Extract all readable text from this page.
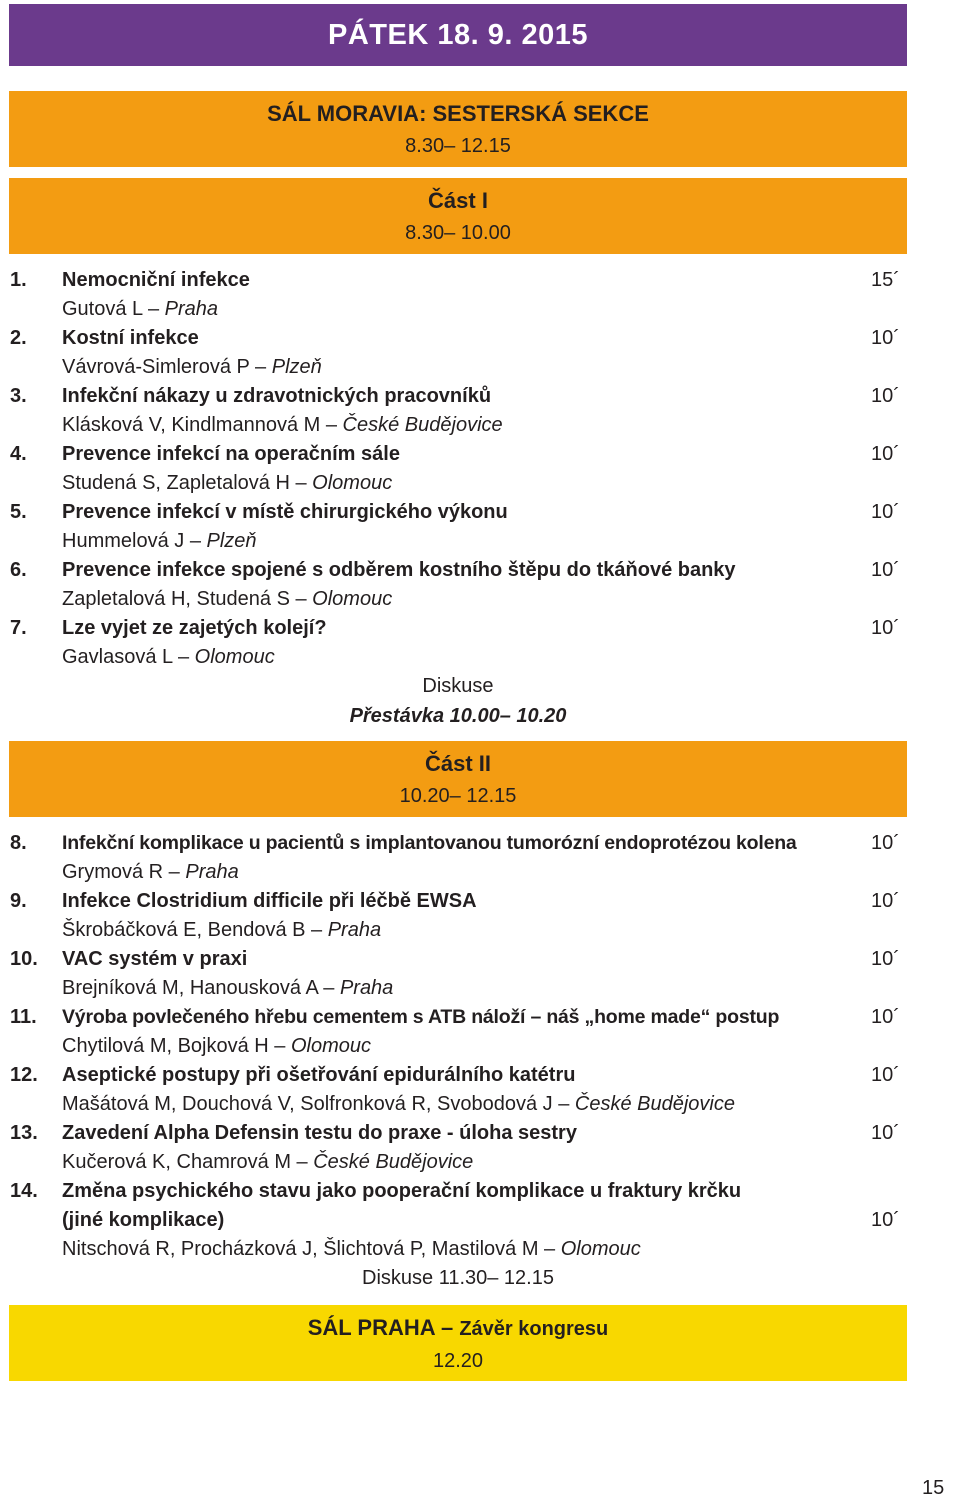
PÁTEK 18. 9. 2015
SÁL MORAVIA: SESTERSKÁ SEKCE
8.30– 12.15
Část I
8.30– 10.00
1. Nemocniční infekce	15´
Gutová L – Praha
2. Kostní infekce	10´
Vávrová-Simlerová P – Plzeň
3. Infekční nákazy u zdravotnických pracovníků	10´
Klásková V, Kindlmannová M – České Budějovice
4. Prevence infekcí na operačním sále	10´
Studená S, Zapletalová H – Olomouc
5. Prevence infekcí v místě chirurgického výkonu	10´
Hummelová J – Plzeň
6. Prevence infekce spojené s odběrem kostního štěpu do tkáňové banky	10´
Zapletalová H, Studená S – Olomouc
7. Lze vyjet ze zajetých kolejí?	10´
Gavlasová L – Olomouc
Diskuse
Přestávka 10.00– 10.20
Část II
10.20– 12.15
8. Infekční komplikace u pacientů s implantovanou tumorózní endoprotézou kolena	10´
Grymová R – Praha
9. Infekce Clostridium difficile při léčbě EWSA	10´
Škrobáčková E, Bendová B – Praha
10. VAC systém v praxi	10´
Brejníková M, Hanousková A – Praha
11. Výroba povlečeného hřebu cementem s ATB náloží – náš „home made“ postup	10´
Chytilová M, Bojková H – Olomouc
12. Aseptické postupy při ošetřování epidurálního katétru	10´
Mašátová M, Douchová V, Solfronková R, Svobodová J – České Budějovice
13. Zavedení Alpha Defensin testu do praxe - úloha sestry	10´
Kučerová K, Chamrová M – České Budějovice
14. Změna psychického stavu jako pooperační komplikace u fraktury krčku
(jiné komplikace)	10´
Nitschová R, Procházková J, Šlichtová P, Mastilová M – Olomouc
Diskuse 11.30– 12.15
SÁL PRAHA – Závěr kongresu
12.20
15
